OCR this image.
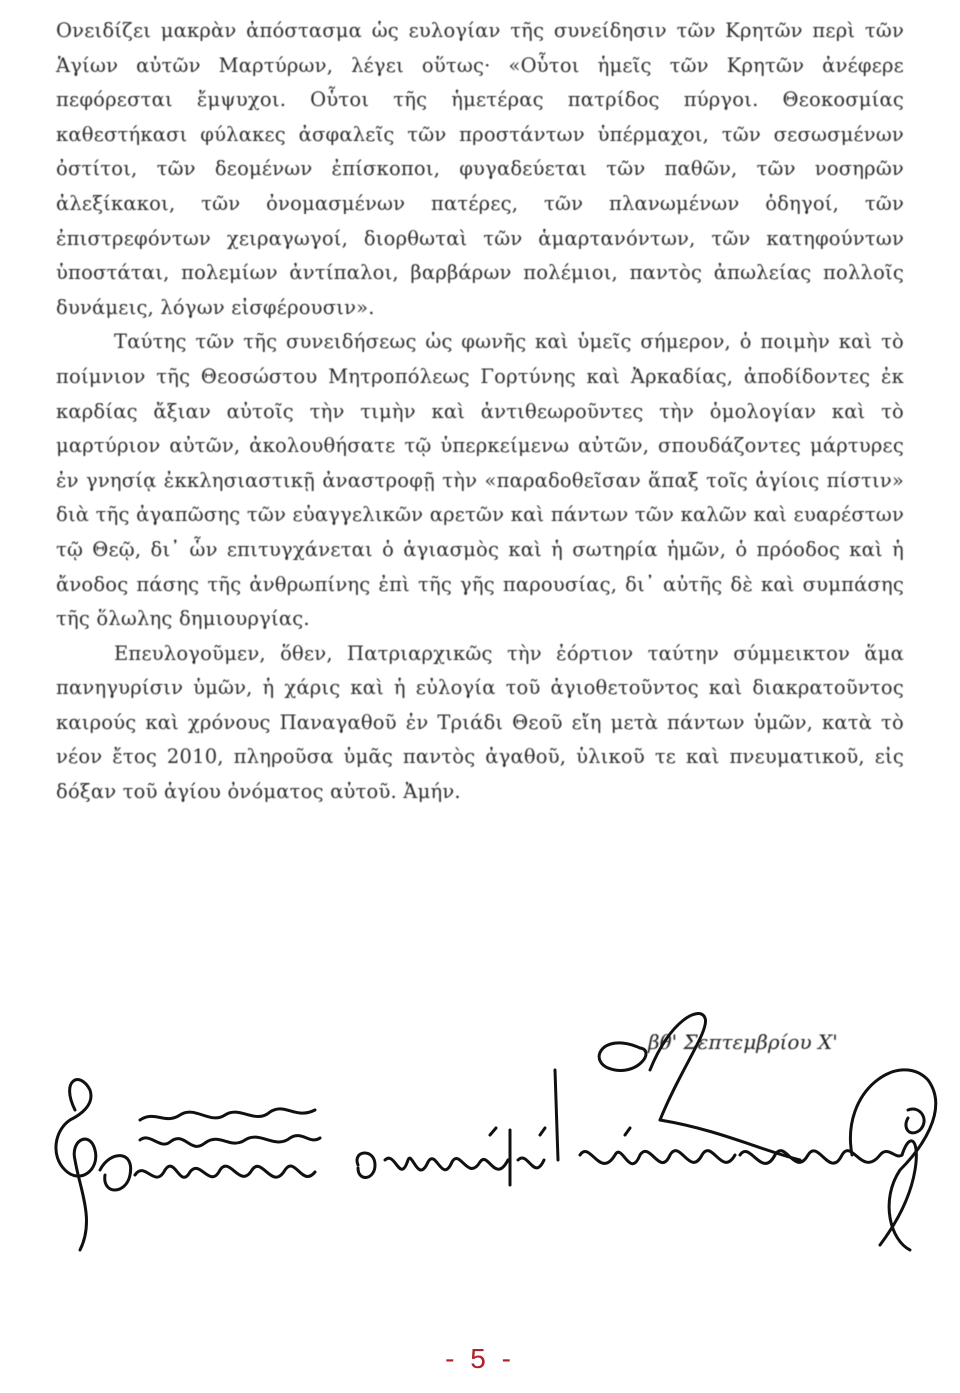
Ονειδίζει μακρὰν ἀπόστασμα ὡς ευλογίαν τῆς συνείδησιν τῶν Κρητῶν περὶ τῶν Ἁγίων αὐτῶν Μαρτύρων, λέγει οὕτως· «Οὗτοι ἡμεῖς τῶν Κρητῶν ἀνέφερε πεφόρεσται ἔμψυχοι. Οὗτοι τῆς ἡμετέρας πατρίδος πύργοι. Θεοκοσμίας καθεστήκασι φύλακες ἀσφαλεῖς τῶν προστάντων ὑπέρμαχοι, τῶν σεσωσμένων ὀστίτοι, τῶν δεομένων ἐπίσκοποι, φυγαδεύεται τῶν παθῶν, τῶν νοσηρῶν ἀλεξίκακοι, τῶν ὀνομασμένων πατέρες, τῶν πλανωμένων ὁδηγοί, τῶν ἐπιστρεφόντων χειραγωγοί, διορθωταὶ τῶν ἁμαρτανόντων, τῶν κατηφούντων ὑποστάται, πολεμίων ἀντίπαλοι, βαρβάρων πολέμιοι, παντὸς ἀπωλείας πολλοῖς δυνάμεις, λόγων εἰσφέρουσιν».

Ταύτης τῶν τῆς συνειδήσεως ὡς φωνῆς καὶ ὑμεῖς σήμερον, ὁ ποιμὴν καὶ τὸ ποίμνιον τῆς Θεοσώστου Μητροπόλεως Γορτύνης καὶ Ἀρκαδίας, ἀποδίδοντες ἐκ καρδίας ἄξιαν αὐτοῖς τὴν τιμὴν καὶ ἀντιθεωροῦντες τὴν ὁμολογίαν καὶ τὸ μαρτύριον αὐτῶν, ἀκολουθήσατε τῷ ὑπερκείμενω αὐτῶν, σπουδάζοντες μάρτυρες ἐν γνησίᾳ ἐκκλησιαστικῇ ἀναστροφῇ τὴν «παραδοθεῖσαν ἅπαξ τοῖς ἁγίοις πίστιν» διὰ τῆς ἀγαπῶσης τῶν εὐαγγελικῶν αρετῶν καὶ πάντων τῶν καλῶν καὶ ευαρέστων τῷ Θεῷ, δι᾽ ὧν επιτυγχάνεται ὁ ἁγιασμὸς καὶ ἡ σωτηρία ἡμῶν, ὁ πρόοδος καὶ ἡ ἄνοδος πάσης τῆς ἀνθρωπίνης ἐπὶ τῆς γῆς παρουσίας, δι᾽ αὐτῆς δὲ καὶ συμπάσης τῆς ὅλωλης δημιουργίας.

Επευλογοῦμεν, ὅθεν, Πατριαρχικῶς τὴν ἐόρτιον ταύτην σύμμεικτον ἅμα πανηγυρίσιν ὑμῶν, ἡ χάρις καὶ ἡ εὐλογία τοῦ ἁγιοθετοῦντος καὶ διακρατοῦντος καιρούς καὶ χρόνους Παναγαθοῦ ἐν Τριάδι Θεοῦ εἴη μετὰ πάντων ὑμῶν, κατὰ τὸ νέον ἔτος 2010, πληροῦσα ὑμᾶς παντὸς ἀγαθοῦ, ὑλικοῦ τε καὶ πνευματικοῦ, εἰς δόξαν τοῦ ἁγίου ὀνόματος αὐτοῦ. Ἀμήν.

βθ' Σεπτεμβρίου Χ'
- 5 -
